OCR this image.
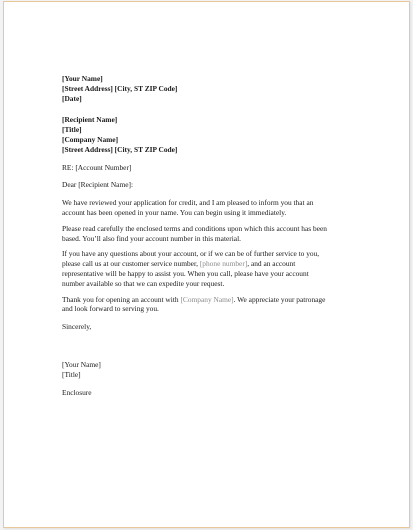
[Your Name]
[Street Address] [City, ST ZIP Code]
[Date]
[Recipient Name]
[Title]
[Company Name]
[Street Address] [City, ST ZIP Code]
RE: [Account Number]
Dear [Recipient Name]:

We have reviewed your application for credit, and I am pleased to inform you that an
account has been opened in your name. You can begin using it immediately.

Please read carefully the enclosed terms and conditions upon which this account has been
based. You’ll also find your account number in this material.

If you have any questions about your account, or if we can be of further service to you,
please call us at our customer service number, [phone number], and an account
representative will be happy to assist you. When you call, please have your account
number available so that we can expedite your request.

Thank you for opening an account with [Company Name]. We appreciate your patronage
and look forward to serving you.

Sincerely,
[Your Name]
[Title]
Enclosure
